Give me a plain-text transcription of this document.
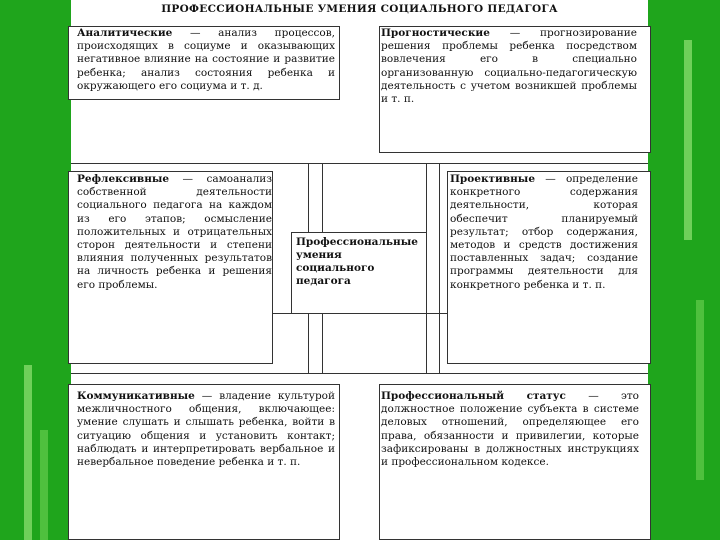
ПРОФЕССИОНАЛЬНЫЕ УМЕНИЯ СОЦИАЛЬНОГО ПЕДАГОГА
Аналитические — анализ процессов, происходящих в социуме и оказывающих негативное влияние на состояние и развитие ребенка; анализ состояния ребенка и окружающего его социума и т. д.
Прогностические — прогнозирование решения проблемы ребенка посредством вовлечения его в специально организованную социально-педагогическую деятельность с учетом возникшей проблемы и т. п.
Рефлексивные — самоанализ собственной деятельности социального педагога на каждом из его этапов; осмысление положительных и отрицательных сторон деятельности и степени влияния полученных результатов на личность ребенка и решения его проблемы.
Проективные — определение конкретного содержания деятельности, которая обеспечит планируемый результат; отбор содержания, методов и средств достижения поставленных задач; создание программы деятельности для конкретного ребенка и т. п.
Профессиональные умения социального педагога
Коммуникативные — владение культурой межличностного общения, включающее: умение слушать и слышать ребенка, войти в ситуацию общения и установить контакт; наблюдать и интерпретировать вербальное и невербальное поведение ребенка и т. п.
Профессиональный статус — это должностное положение субъекта в системе деловых отношений, определяющее его права, обязанности и привилегии, которые зафиксированы в должностных инструкциях и профессиональном кодексе.
